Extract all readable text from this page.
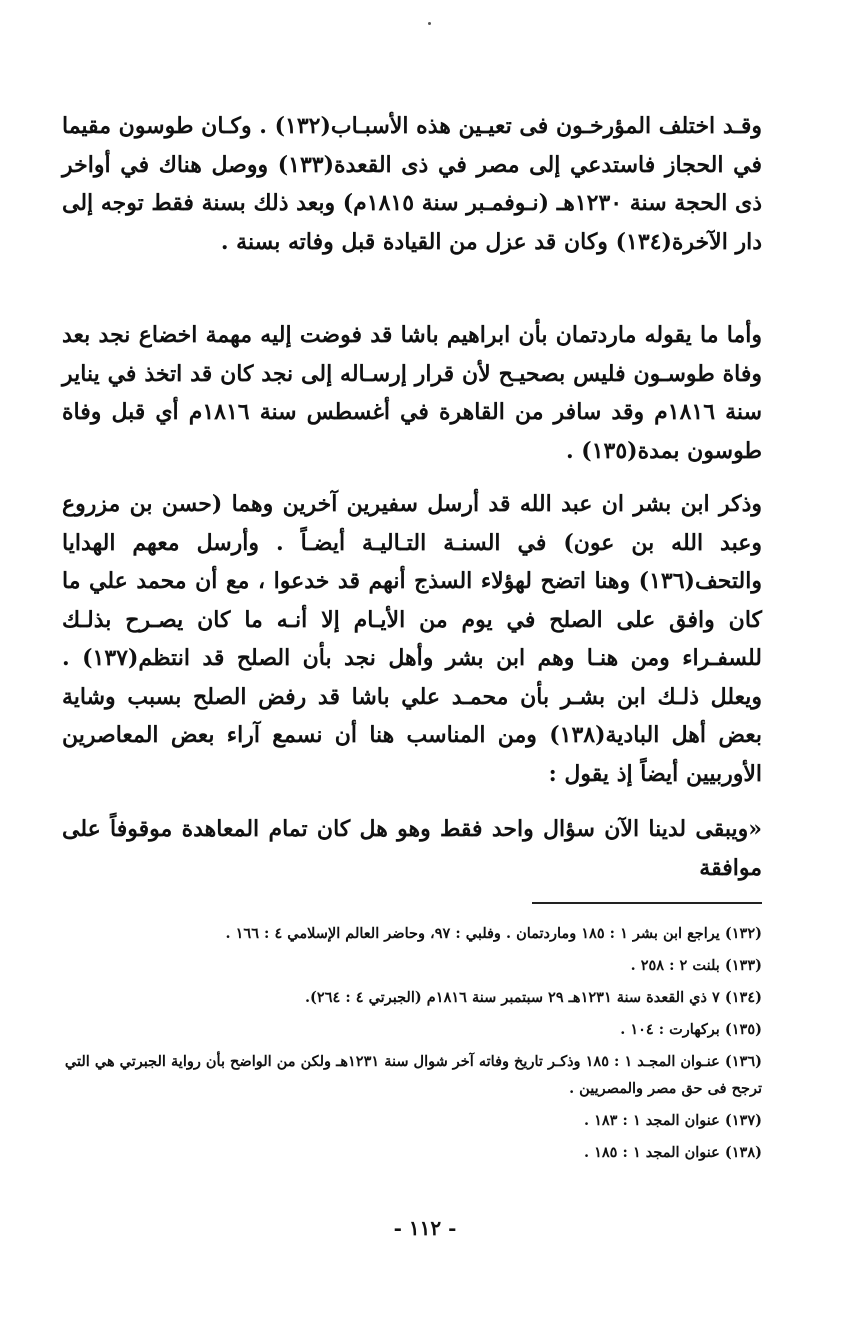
وقـد اختلف المؤرخـون فى تعيـين هذه الأسبـاب(١٣٢) . وكـان طوسون مقيما في الحجاز فاستدعي إلى مصر في ذى القعدة(١٣٣) ووصل هناك في أواخر ذى الحجة سنة ١٢٣٠هـ (نـوفمـبر سنة ١٨١٥م) وبعد ذلك بسنة فقط توجه إلى دار الآخرة(١٣٤) وكان قد عزل من القيادة قبل وفاته بسنة .

وأما ما يقوله ماردتمان بأن ابراهيم باشا قد فوضت إليه مهمة اخضاع نجد بعد وفاة طوسـون فليس بصحيـح لأن قرار إرسـاله إلى نجد كان قد اتخذ في يناير سنة ١٨١٦م وقد سافر من القاهرة في أغسطس سنة ١٨١٦م أي قبل وفاة طوسون بمدة(١٣٥) .

وذكر ابن بشر ان عبد الله قد أرسل سفيرين آخرين وهما (حسن بن مزروع وعبد الله بن عون) في السنـة التـاليـة أيضـاً . وأرسل معهم الهدايا والتحف(١٣٦) وهنا اتضح لهؤلاء السذج أنهم قد خدعوا ، مع أن محمد علي ما كان وافق على الصلح في يوم من الأيـام إلا أنـه ما كان يصـرح بذلـك للسفـراء ومن هنـا وهم ابن بشر وأهل نجد بأن الصلح قد انتظم(١٣٧) . ويعلل ذلـك ابن بشـر بأن محمـد علي باشا قد رفض الصلح بسبب وشاية بعض أهل البادية(١٣٨) ومن المناسب هنا أن نسمع آراء بعض المعاصرين الأوربيين أيضاً إذ يقول :

«ويبقى لدينا الآن سؤال واحد فقط وهو هل كان تمام المعاهدة موقوفاً على موافقة

(١٣٢) يراجع ابن بشر ١ : ١٨٥ وماردتمان . وفلبي : ٩٧، وحاضر العالم الإسلامي ٤ : ١٦٦ .
(١٣٣) بلنت ٢ : ٢٥٨ .
(١٣٤) ٧ ذي القعدة سنة ١٢٣١هـ ٢٩ سبتمبر سنة ١٨١٦م (الجبرتي ٤ : ٢٦٤).
(١٣٥) بركهارت : ١٠٤ .
(١٣٦) عنـوان المجـد ١ : ١٨٥ وذكـر تاريخ وفاته آخر شوال سنة ١٢٣١هـ ولكن من الواضح بأن رواية الجبرتي هي التي ترجح فى حق مصر والمصريين .
(١٣٧) عنوان المجد ١ : ١٨٣ .
(١٣٨) عنوان المجد ١ : ١٨٥ .
- ١١٢ -
